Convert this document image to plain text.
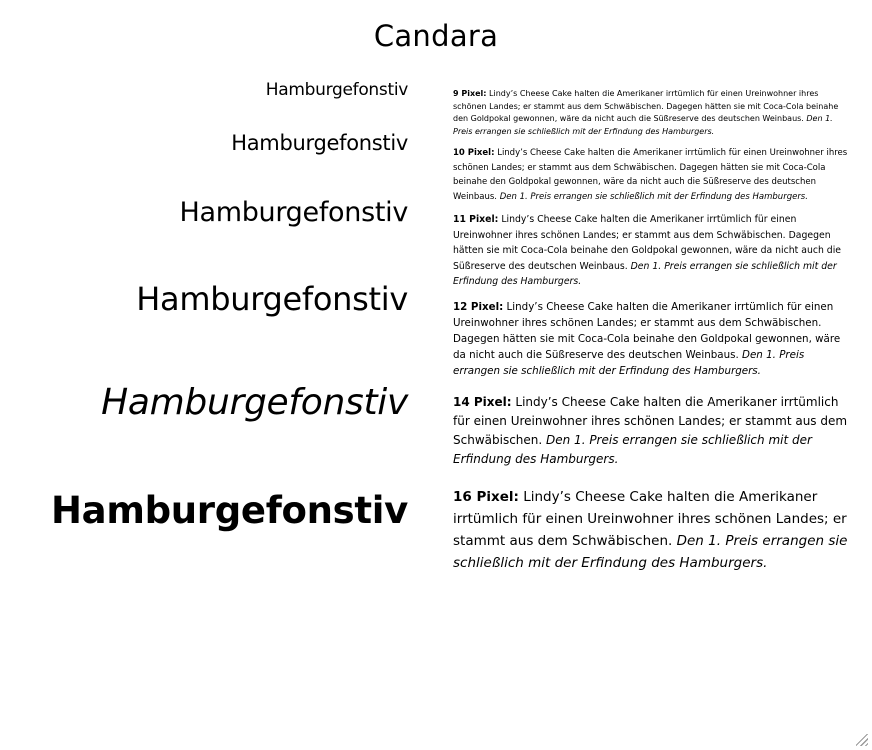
Candara
Hamburgefonstiv
Hamburgefonstiv
Hamburgefonstiv
Hamburgefonstiv
Hamburgefonstiv
Hamburgefonstiv
9 Pixel: Lindy’s Cheese Cake halten die Amerikaner irrtümlich für einen Ureinwohner ihres schönen Landes; er stammt aus dem Schwäbischen. Dagegen hätten sie mit Coca-Cola beinahe den Goldpokal gewonnen, wäre da nicht auch die Süßreserve des deutschen Weinbaus. Den 1. Preis errangen sie schließlich mit der Erfindung des Hamburgers.
10 Pixel: Lindy’s Cheese Cake halten die Amerikaner irrtümlich für einen Ureinwohner ihres schönen Landes; er stammt aus dem Schwäbischen. Dagegen hätten sie mit Coca-Cola beinahe den Goldpokal gewonnen, wäre da nicht auch die Süßreserve des deutschen Weinbaus. Den 1. Preis errangen sie schließlich mit der Erfindung des Hamburgers.
11 Pixel: Lindy’s Cheese Cake halten die Amerikaner irrtümlich für einen Ureinwohner ihres schönen Landes; er stammt aus dem Schwäbischen. Dagegen hätten sie mit Coca-Cola beinahe den Goldpokal gewonnen, wäre da nicht auch die Süßreserve des deutschen Weinbaus. Den 1. Preis errangen sie schließlich mit der Erfindung des Hamburgers.
12 Pixel: Lindy’s Cheese Cake halten die Amerikaner irrtümlich für einen Ureinwohner ihres schönen Landes; er stammt aus dem Schwäbischen. Dagegen hätten sie mit Coca-Cola beinahe den Goldpokal gewonnen, wäre da nicht auch die Süßreserve des deutschen Weinbaus. Den 1. Preis errangen sie schließlich mit der Erfindung des Hamburgers.
14 Pixel: Lindy’s Cheese Cake halten die Amerikaner irrtümlich für einen Ureinwohner ihres schönen Landes; er stammt aus dem Schwäbischen. Den 1. Preis errangen sie schließlich mit der Erfindung des Hamburgers.
16 Pixel: Lindy’s Cheese Cake halten die Amerikaner irrtümlich für einen Ureinwohner ihres schönen Landes; er stammt aus dem Schwäbischen. Den 1. Preis errangen sie schließlich mit der Erfindung des Hamburgers.
